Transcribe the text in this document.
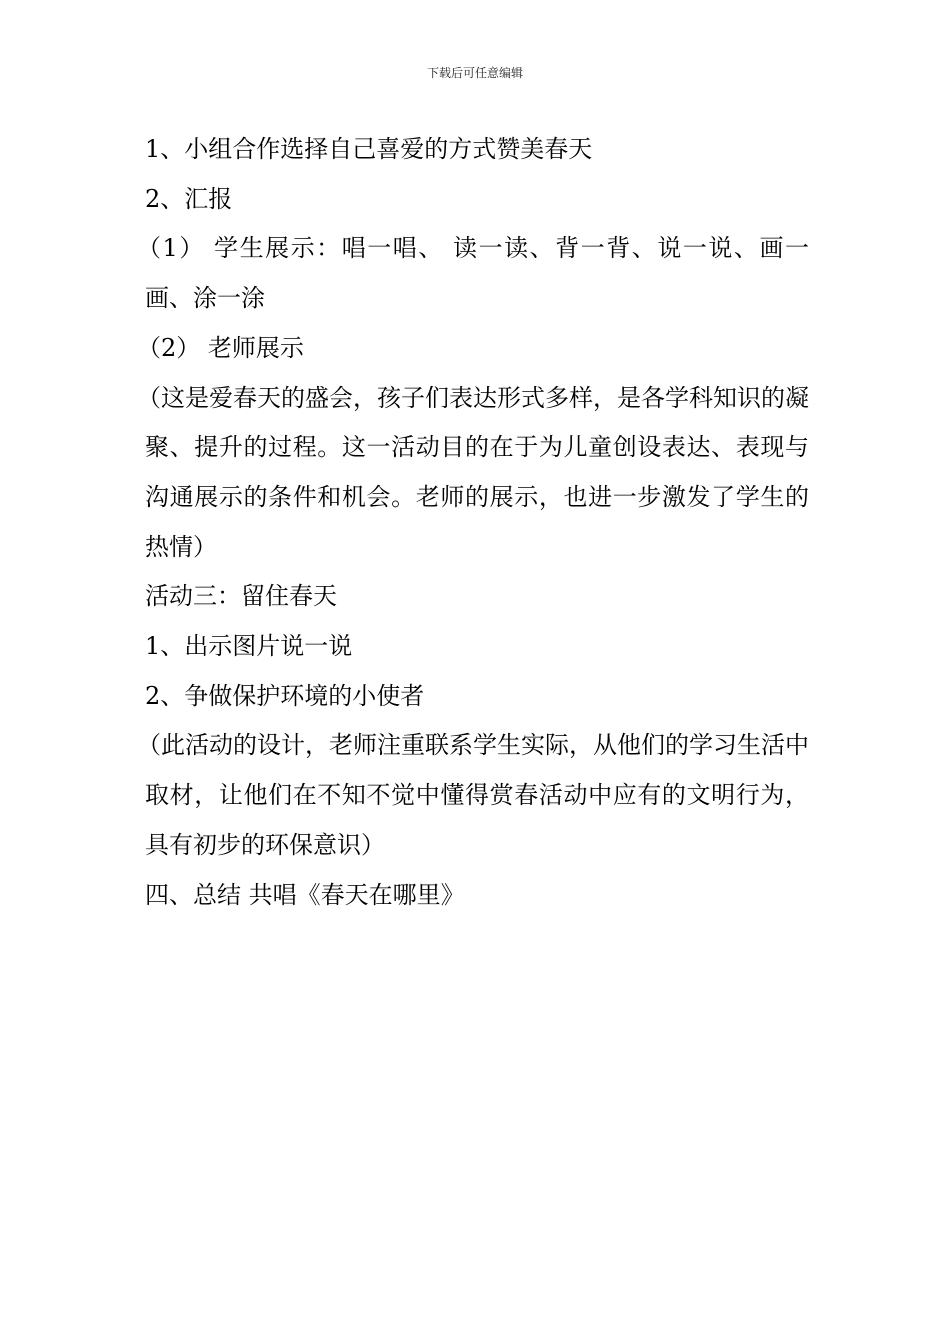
下载后可任意编辑

1、小组合作选择自己喜爱的方式赞美春天

2、汇报

（1） 学生展示：唱一唱、 读一读、背一背、说一说、画一画、涂一涂

（2） 老师展示

（这是爱春天的盛会，孩子们表达形式多样，是各学科知识的凝聚、提升的过程。这一活动目的在于为儿童创设表达、表现与沟通展示的条件和机会。老师的展示，也进一步激发了学生的热情）

活动三：留住春天

1、出示图片说一说

2、争做保护环境的小使者

（此活动的设计，老师注重联系学生实际，从他们的学习生活中取材，让他们在不知不觉中懂得赏春活动中应有的文明行为，具有初步的环保意识）

四、总结 共唱《春天在哪里》
